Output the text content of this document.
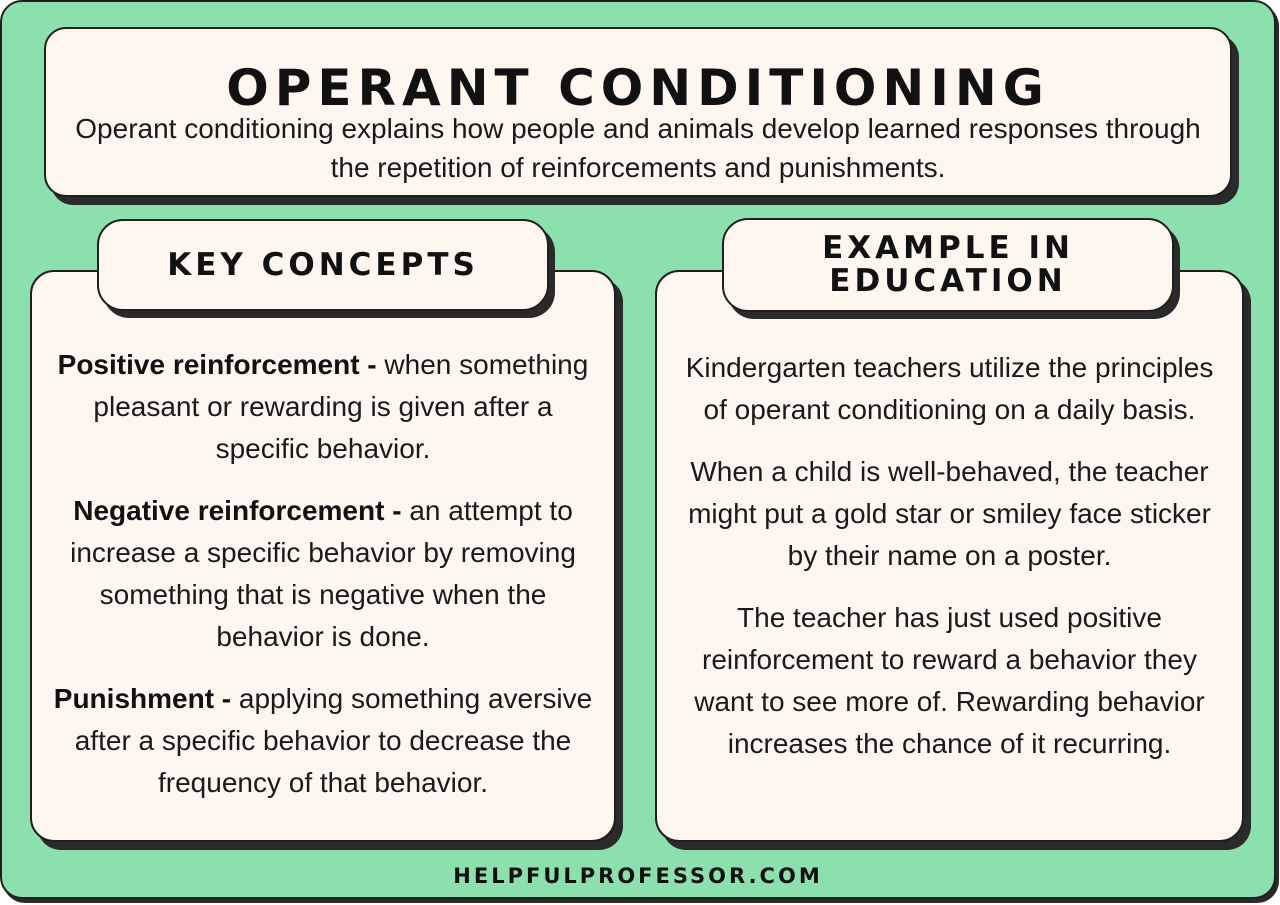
OPERANT CONDITIONING

Operant conditioning explains how people and animals develop learned responses through the repetition of reinforcements and punishments.

Positive reinforcement - when something pleasant or rewarding is given after a specific behavior.

Negative reinforcement - an attempt to increase a specific behavior by removing something that is negative when the behavior is done.

Punishment - applying something aversive after a specific behavior to decrease the frequency of that behavior.

Kindergarten teachers utilize the principles of operant conditioning on a daily basis.

When a child is well-behaved, the teacher might put a gold star or smiley face sticker by their name on a poster.

The teacher has just used positive reinforcement to reward a behavior they want to see more of. Rewarding behavior increases the chance of it recurring.

KEY CONCEPTS	EXAMPLE IN
EDUCATION
HELPFULPROFESSOR.COM
